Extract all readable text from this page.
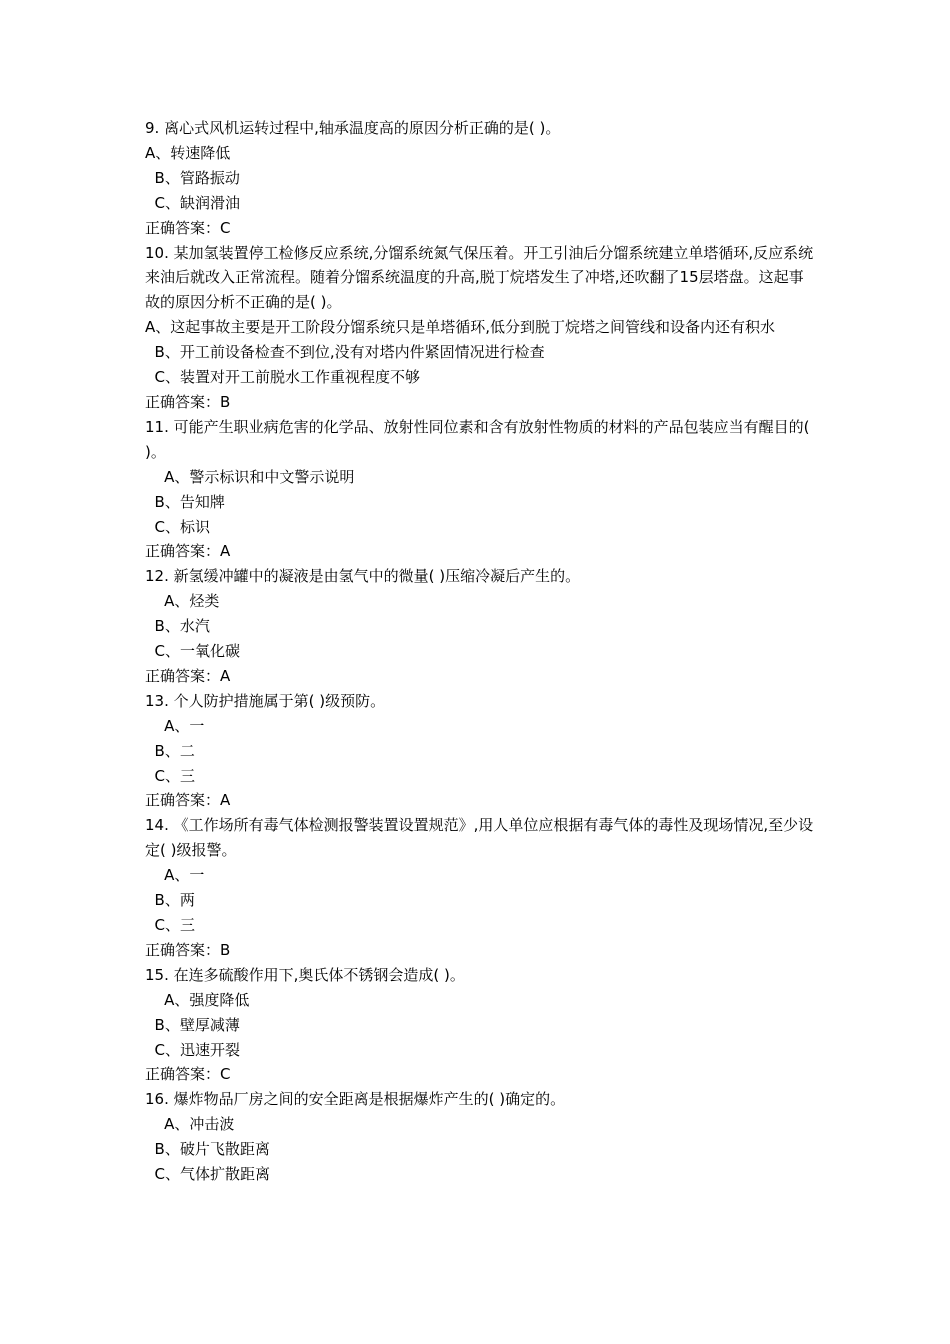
9. 离心式风机运转过程中,轴承温度高的原因分析正确的是( )。
A、转速降低
B、管路振动
C、缺润滑油
正确答案：C
10. 某加氢装置停工检修反应系统,分馏系统氮气保压着。开工引油后分馏系统建立单塔循环,反应系统来油后就改入正常流程。随着分馏系统温度的升高,脱丁烷塔发生了冲塔,还吹翻了15层塔盘。这起事故的原因分析不正确的是( )。
A、这起事故主要是开工阶段分馏系统只是单塔循环,低分到脱丁烷塔之间管线和设备内还有积水
B、开工前设备检查不到位,没有对塔内件紧固情况进行检查
C、装置对开工前脱水工作重视程度不够
正确答案：B
11. 可能产生职业病危害的化学品、放射性同位素和含有放射性物质的材料的产品包装应当有醒目的( )。
A、警示标识和中文警示说明
B、告知牌
C、标识
正确答案：A
12. 新氢缓冲罐中的凝液是由氢气中的微量( )压缩冷凝后产生的。
A、烃类
B、水汽
C、一氧化碳
正确答案：A
13. 个人防护措施属于第( )级预防。
A、一
B、二
C、三
正确答案：A
14. 《工作场所有毒气体检测报警装置设置规范》,用人单位应根据有毒气体的毒性及现场情况,至少设定( )级报警。
A、一
B、两
C、三
正确答案：B
15. 在连多硫酸作用下,奥氏体不锈钢会造成( )。
A、强度降低
B、壁厚减薄
C、迅速开裂
正确答案：C
16. 爆炸物品厂房之间的安全距离是根据爆炸产生的( )确定的。
A、冲击波
B、破片飞散距离
C、气体扩散距离
